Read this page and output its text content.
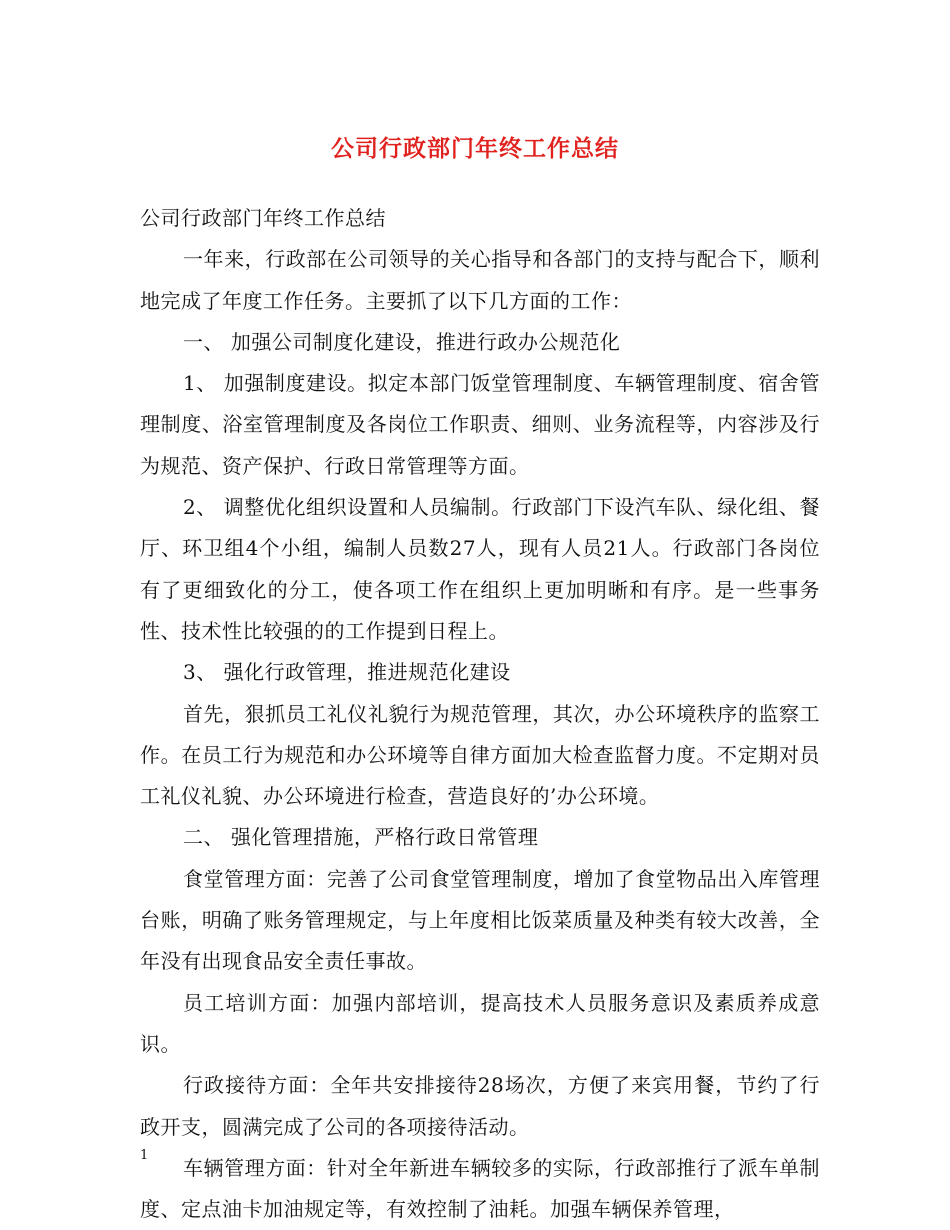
公司行政部门年终工作总结

公司行政部门年终工作总结

一年来，行政部在公司领导的关心指导和各部门的支持与配合下，顺利地完成了年度工作任务。主要抓了以下几方面的工作：

一、 加强公司制度化建设，推进行政办公规范化

1、 加强制度建设。拟定本部门饭堂管理制度、车辆管理制度、宿舍管理制度、浴室管理制度及各岗位工作职责、细则、业务流程等，内容涉及行为规范、资产保护、行政日常管理等方面。

2、 调整优化组织设置和人员编制。行政部门下设汽车队、绿化组、餐厅、环卫组4个小组，编制人员数27人，现有人员21人。行政部门各岗位有了更细致化的分工，使各项工作在组织上更加明晰和有序。是一些事务性、技术性比较强的的工作提到日程上。

3、 强化行政管理，推进规范化建设

首先，狠抓员工礼仪礼貌行为规范管理，其次，办公环境秩序的监察工作。在员工行为规范和办公环境等自律方面加大检查监督力度。不定期对员工礼仪礼貌、办公环境进行检查，营造良好的’办公环境。

二、 强化管理措施，严格行政日常管理

食堂管理方面：完善了公司食堂管理制度，增加了食堂物品出入库管理台账，明确了账务管理规定，与上年度相比饭菜质量及种类有较大改善，全年没有出现食品安全责任事故。

员工培训方面：加强内部培训，提高技术人员服务意识及素质养成意识。

行政接待方面：全年共安排接待28场次，方便了来宾用餐，节约了行政开支，圆满完成了公司的各项接待活动。

车辆管理方面：针对全年新进车辆较多的实际，行政部推行了派车单制度、定点油卡加油规定等，有效控制了油耗。加强车辆保养管理，

1
